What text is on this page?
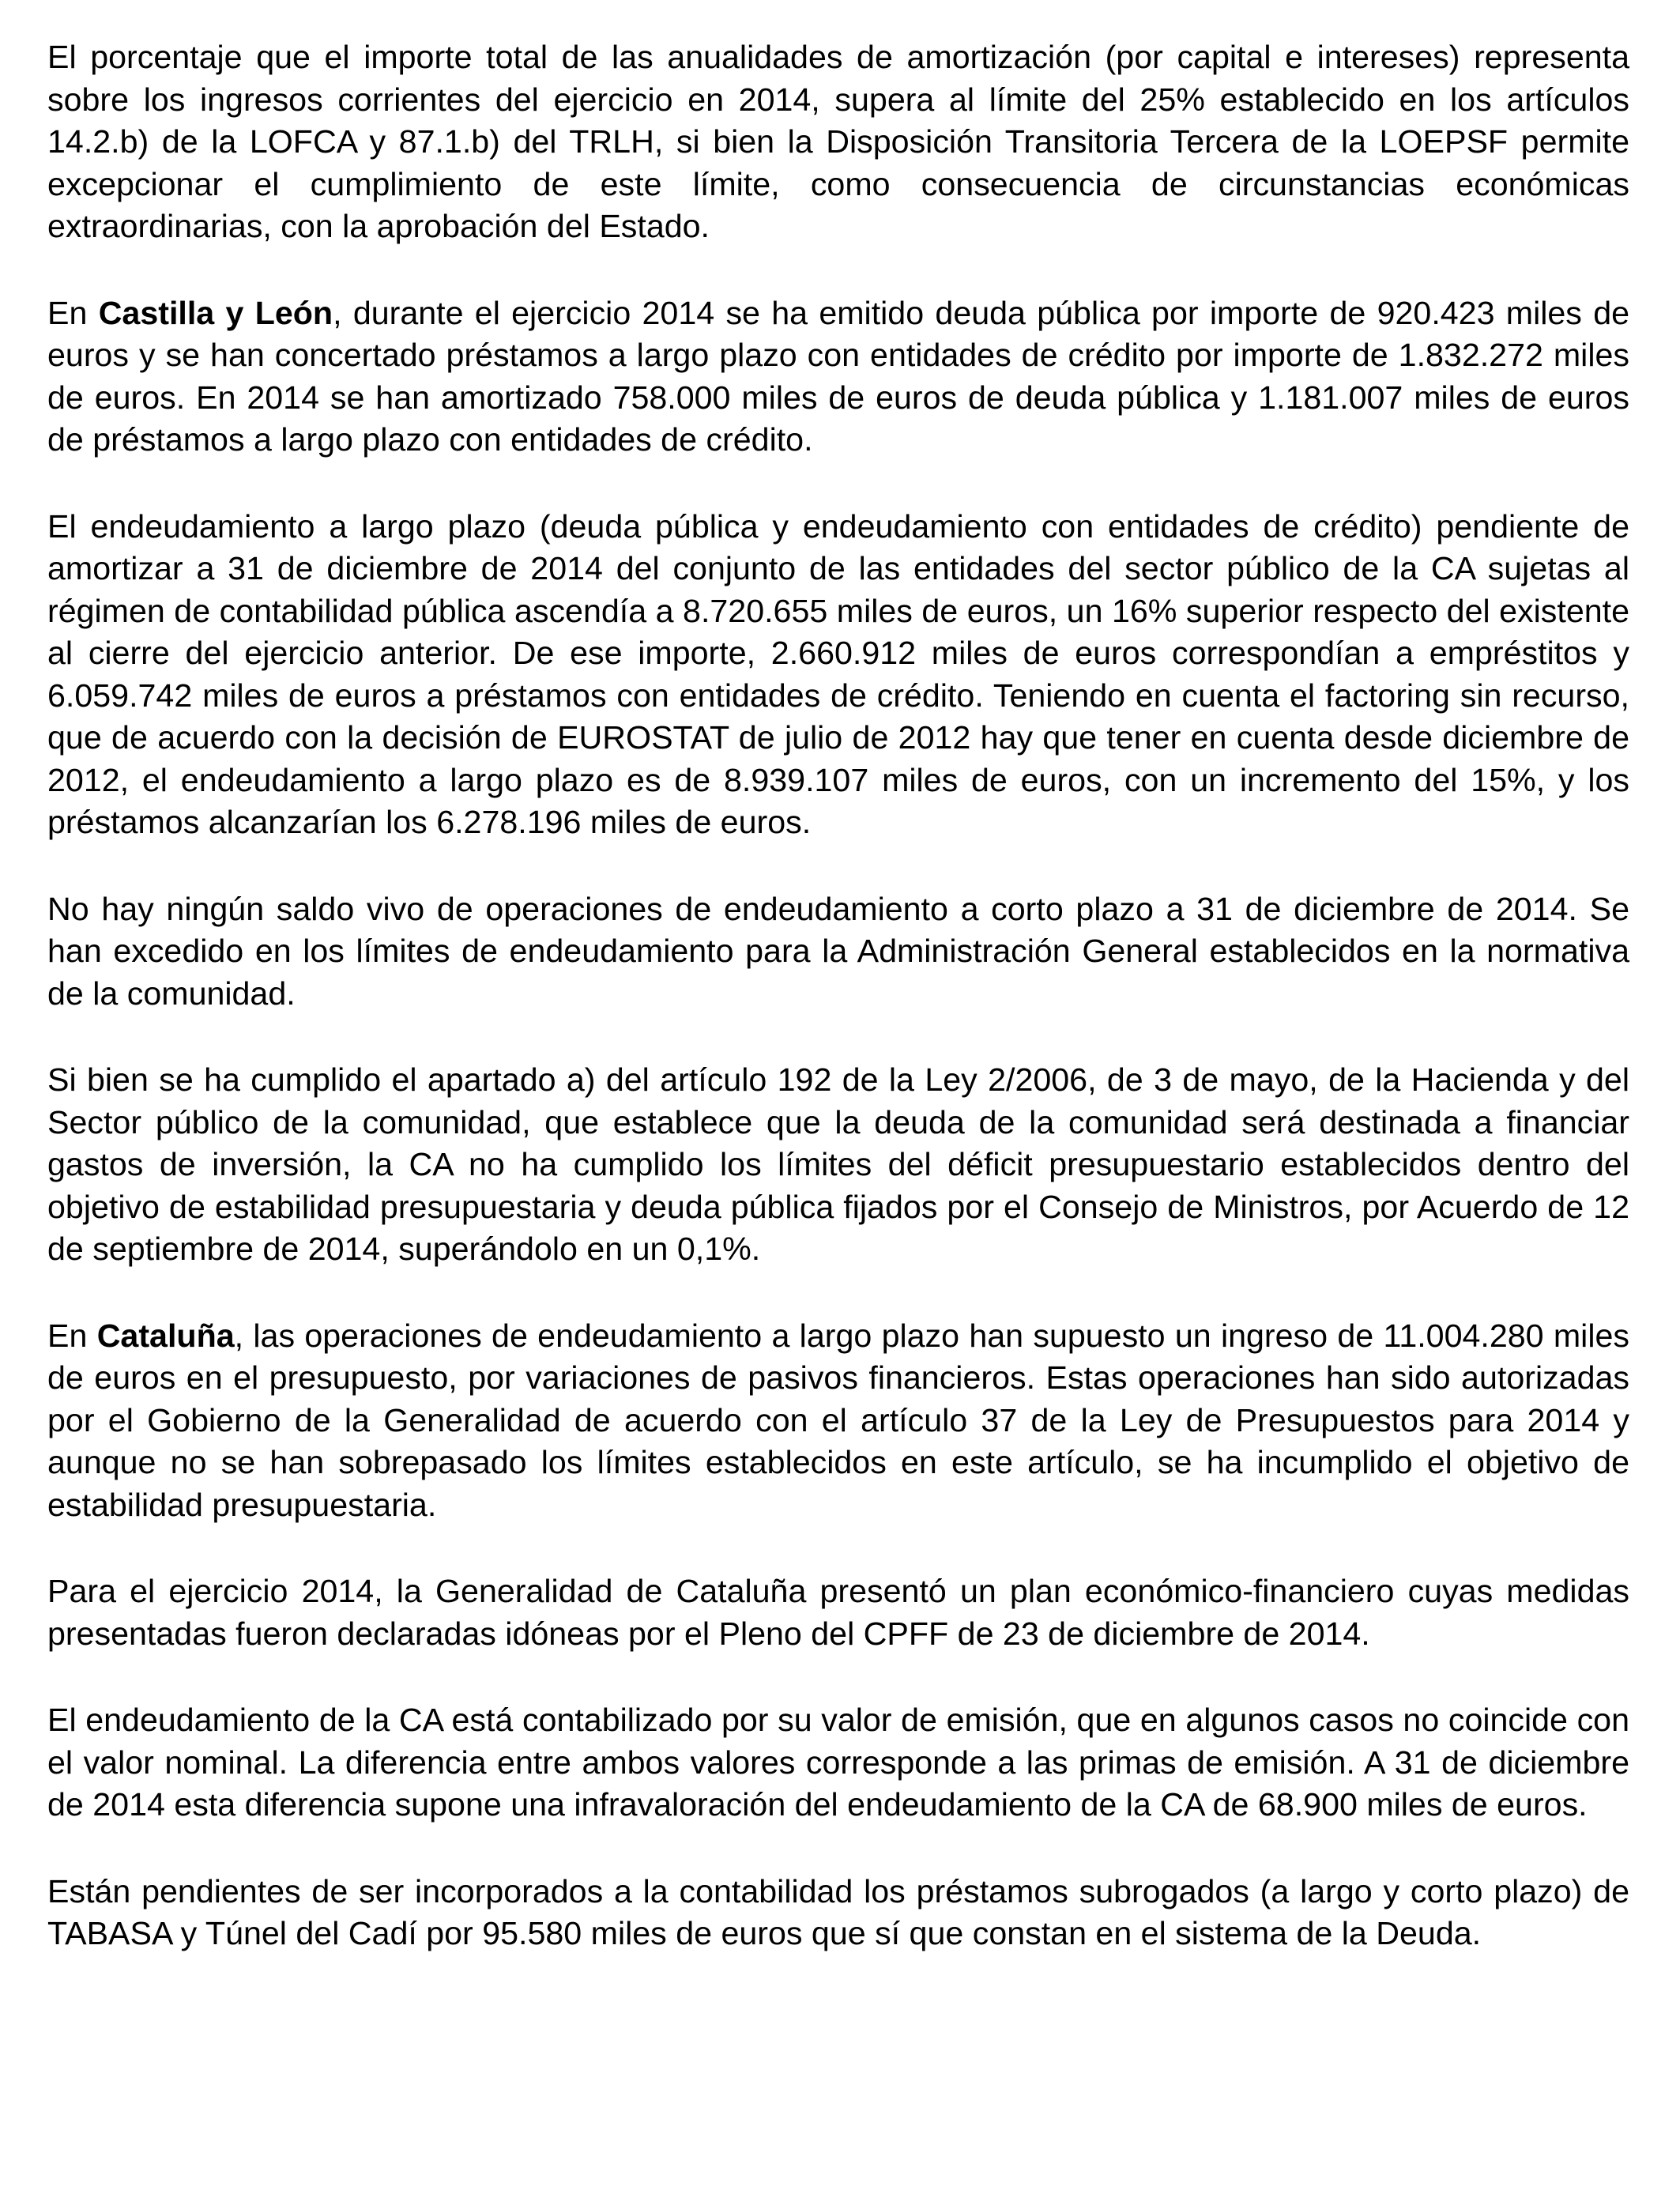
El porcentaje que el importe total de las anualidades de amortización (por capital e intereses) representa sobre los ingresos corrientes del ejercicio en 2014, supera al límite del 25% establecido en los artículos 14.2.b) de la LOFCA y 87.1.b) del TRLH, si bien la Disposición Transitoria Tercera de la LOEPSF permite excepcionar el cumplimiento de este límite, como consecuencia de circunstancias económicas extraordinarias, con la aprobación del Estado.

En Castilla y León, durante el ejercicio 2014 se ha emitido deuda pública por importe de 920.423 miles de euros y se han concertado préstamos a largo plazo con entidades de crédito por importe de 1.832.272 miles de euros. En 2014 se han amortizado 758.000 miles de euros de deuda pública y 1.181.007 miles de euros de préstamos a largo plazo con entidades de crédito.

El endeudamiento a largo plazo (deuda pública y endeudamiento con entidades de crédito) pendiente de amortizar a 31 de diciembre de 2014 del conjunto de las entidades del sector público de la CA sujetas al régimen de contabilidad pública ascendía a 8.720.655 miles de euros, un 16% superior respecto del existente al cierre del ejercicio anterior. De ese importe, 2.660.912 miles de euros correspondían a empréstitos y 6.059.742 miles de euros a préstamos con entidades de crédito. Teniendo en cuenta el factoring sin recurso, que de acuerdo con la decisión de EUROSTAT de julio de 2012 hay que tener en cuenta desde diciembre de 2012, el endeudamiento a largo plazo es de 8.939.107 miles de euros, con un incremento del 15%, y los préstamos alcanzarían los 6.278.196 miles de euros.

No hay ningún saldo vivo de operaciones de endeudamiento a corto plazo a 31 de diciembre de 2014. Se han excedido en los límites de endeudamiento para la Administración General establecidos en la normativa de la comunidad.

Si bien se ha cumplido el apartado a) del artículo 192 de la Ley 2/2006, de 3 de mayo, de la Hacienda y del Sector público de la comunidad, que establece que la deuda de la comunidad será destinada a financiar gastos de inversión, la CA no ha cumplido los límites del déficit presupuestario establecidos dentro del objetivo de estabilidad presupuestaria y deuda pública fijados por el Consejo de Ministros, por Acuerdo de 12 de septiembre de 2014, superándolo en un 0,1%.

En Cataluña, las operaciones de endeudamiento a largo plazo han supuesto un ingreso de 11.004.280 miles de euros en el presupuesto, por variaciones de pasivos financieros. Estas operaciones han sido autorizadas por el Gobierno de la Generalidad de acuerdo con el artículo 37 de la Ley de Presupuestos para 2014 y aunque no se han sobrepasado los límites establecidos en este artículo, se ha incumplido el objetivo de estabilidad presupuestaria.

Para el ejercicio 2014, la Generalidad de Cataluña presentó un plan económico-financiero cuyas medidas presentadas fueron declaradas idóneas por el Pleno del CPFF de 23 de diciembre de 2014.

El endeudamiento de la CA está contabilizado por su valor de emisión, que en algunos casos no coincide con el valor nominal. La diferencia entre ambos valores corresponde a las primas de emisión. A 31 de diciembre de 2014 esta diferencia supone una infravaloración del endeudamiento de la CA de 68.900 miles de euros.

Están pendientes de ser incorporados a la contabilidad los préstamos subrogados (a largo y corto plazo) de TABASA y Túnel del Cadí por 95.580 miles de euros que sí que constan en el sistema de la Deuda.
